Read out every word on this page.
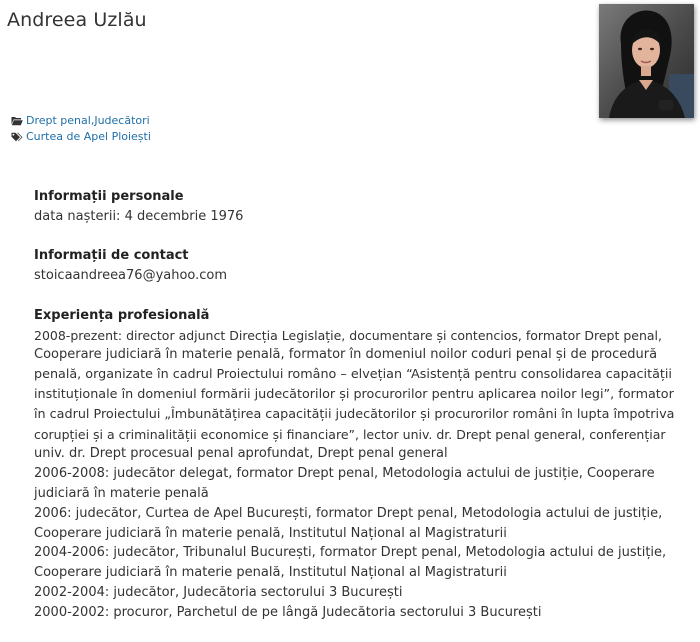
Andreea Uzlău
Drept penal , Judecători
Curtea de Apel Ploiești
Informații personale
data nașterii: 4 decembrie 1976
Informații de contact
stoicaandreea76@yahoo.com
Experiența profesională
2008-prezent: director adjunct Direcția Legislație, documentare și contencios, formator Drept penal,
Cooperare judiciară în materie penală, formator în domeniul noilor coduri penal și de procedură
penală, organizate în cadrul Proiectului româno – elvețian “Asistență pentru consolidarea capacității
instituționale în domeniul formării judecătorilor și procurorilor pentru aplicarea noilor legi”, formator
în cadrul Proiectului „Îmbunătățirea capacității judecătorilor și procurorilor români în lupta împotriva
corupției și a criminalității economice și financiare”, lector univ. dr. Drept penal general, conferențiar
univ. dr. Drept procesual penal aprofundat, Drept penal general
2006-2008: judecător delegat, formator Drept penal, Metodologia actului de justiție, Cooperare
judiciară în materie penală
2006: judecător, Curtea de Apel București, formator Drept penal, Metodologia actului de justiție,
Cooperare judiciară în materie penală, Institutul Național al Magistraturii
2004-2006: judecător, Tribunalul București, formator Drept penal, Metodologia actului de justiție,
Cooperare judiciară în materie penală, Institutul Național al Magistraturii
2002-2004: judecător, Judecătoria sectorului 3 București
2000-2002: procuror, Parchetul de pe lângă Judecătoria sectorului 3 București
